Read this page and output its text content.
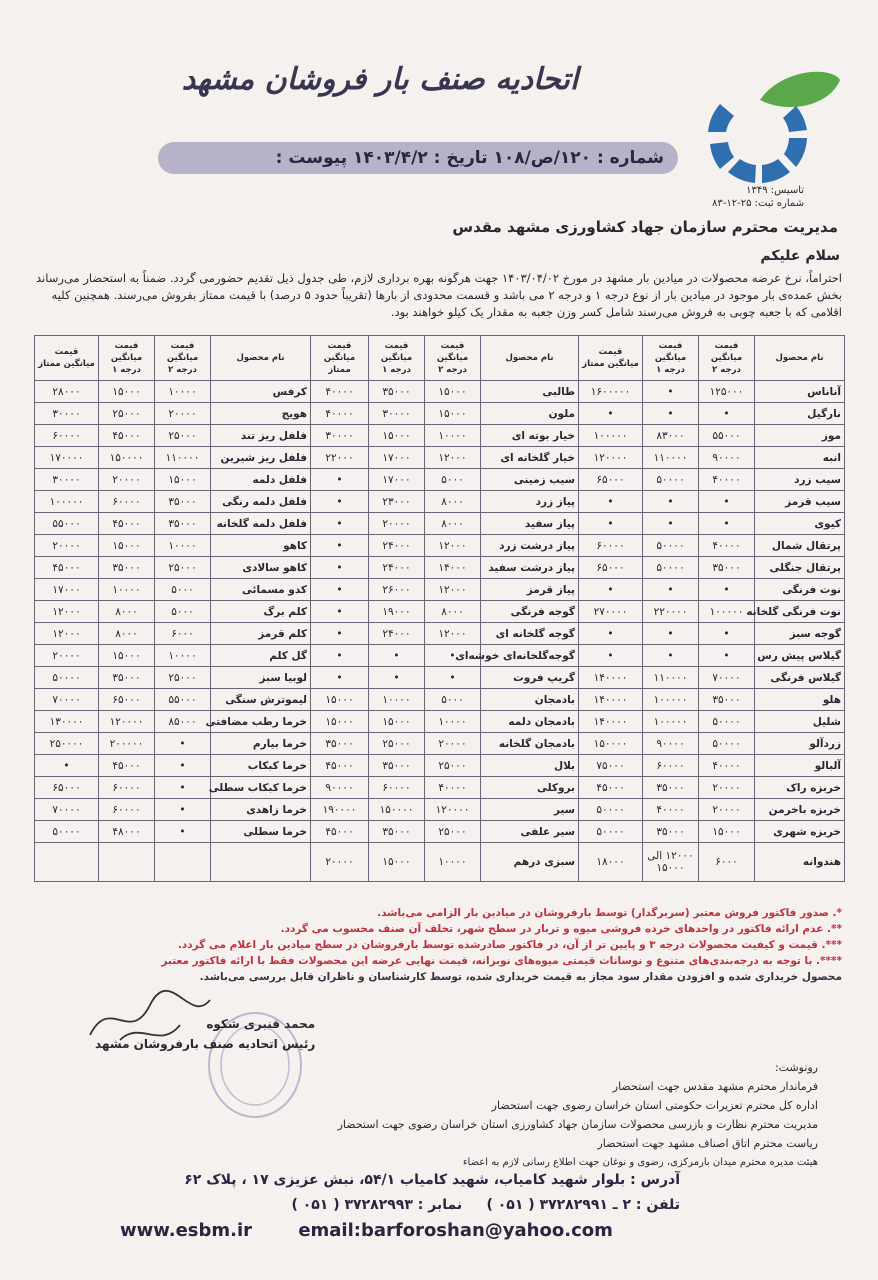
تاسیس: ۱۳۴۹
شماره ثبت: ۲۵-۱۲-۸۳
اتحادیه صنف بار فروشان مشهد
شماره : ۱۲۰/ص/۱۰۸ تاریخ : ۱۴۰۳/۴/۲ پیوست :
مدیریت محترم سازمان جهاد کشاورزی مشهد مقدس
سلام علیکم
احتراماً، نرخ عرضه محصولات در میادین بار مشهد در مورخ ۱۴۰۳/۰۴/۰۲ جهت هرگونه بهره برداری لازم، طی جدول ذیل تقدیم حضورمی گردد. ضمناً به استحضار می‌رساند بخش عمده‌ی بار موجود در میادین بار از نوع درجه ۱ و درجه ۲ می باشد و قسمت محدودی از بارها (تقریباً حدود ۵ درصد) با قیمت ممتاز بفروش می‌رسند. همچنین کلیه اقلامی که با جعبه چوبی به فروش می‌رسند شامل کسر وزن جعبه به مقدار یک کیلو خواهند بود.
نام محصول	قیمت میانگین درجه ۲	قیمت میانگین درجه ۱	قیمت میانگین ممتاز	نام محصول	قیمت میانگین درجه ۲	قیمت میانگین درجه ۱	قیمت میانگین ممتاز	نام محصول	قیمت میانگین درجه ۲	قیمت میانگین درجه ۱	قیمت میانگین ممتاز
آناناس	۱۲۵۰۰۰	•	۱۶۰۰۰۰۰	طالبی	۱۵۰۰۰	۳۵۰۰۰	۴۰۰۰۰	کرفس	۱۰۰۰۰	۱۵۰۰۰	۲۸۰۰۰
نارگیل	•	•	•	ملون	۱۵۰۰۰	۳۰۰۰۰	۴۰۰۰۰	هویج	۲۰۰۰۰	۲۵۰۰۰	۳۰۰۰۰
موز	۵۵۰۰۰	۸۳۰۰۰	۱۰۰۰۰۰	خیار بوته ای	۱۰۰۰۰	۱۵۰۰۰	۳۰۰۰۰	فلفل ریز تند	۲۵۰۰۰	۴۵۰۰۰	۶۰۰۰۰
انبه	۹۰۰۰۰	۱۱۰۰۰۰	۱۲۰۰۰۰	خیار گلخانه ای	۱۲۰۰۰	۱۷۰۰۰	۲۲۰۰۰	فلفل ریز شیرین	۱۱۰۰۰۰	۱۵۰۰۰۰	۱۷۰۰۰۰
سیب زرد	۴۰۰۰۰	۵۰۰۰۰	۶۵۰۰۰	سیب زمینی	۵۰۰۰	۱۷۰۰۰	•	فلفل دلمه	۱۵۰۰۰	۲۰۰۰۰	۳۰۰۰۰
سیب قرمز	•	•	•	پیاز زرد	۸۰۰۰	۲۳۰۰۰	•	فلفل دلمه رنگی	۳۵۰۰۰	۶۰۰۰۰	۱۰۰۰۰۰
کیوی	•	•	•	پیاز سفید	۸۰۰۰	۲۰۰۰۰	•	فلفل دلمه گلخانه	۳۵۰۰۰	۴۵۰۰۰	۵۵۰۰۰
پرتقال شمال	۴۰۰۰۰	۵۰۰۰۰	۶۰۰۰۰	پیاز درشت زرد	۱۲۰۰۰	۲۴۰۰۰	•	کاهو	۱۰۰۰۰	۱۵۰۰۰	۲۰۰۰۰
پرتقال جنگلی	۳۵۰۰۰	۵۰۰۰۰	۶۵۰۰۰	پیاز درشت سفید	۱۴۰۰۰	۲۴۰۰۰	•	کاهو سالادی	۲۵۰۰۰	۳۵۰۰۰	۴۵۰۰۰
نوت فرنگی	•	•	•	پیاز قرمز	۱۲۰۰۰	۲۶۰۰۰	•	کدو مسمائی	۵۰۰۰	۱۰۰۰۰	۱۷۰۰۰
نوت فرنگی گلخانه	۱۰۰۰۰۰	۲۲۰۰۰۰	۲۷۰۰۰۰	گوجه فرنگی	۸۰۰۰	۱۹۰۰۰	•	کلم برگ	۵۰۰۰	۸۰۰۰	۱۲۰۰۰
گوجه سبز	•	•	•	گوجه گلخانه ای	۱۲۰۰۰	۲۴۰۰۰	•	کلم قرمز	۶۰۰۰	۸۰۰۰	۱۲۰۰۰
گیلاس پیش رس	•	•	•	گوجه‌گلخانه‌ای خوشه‌ای	•	•	•	گل کلم	۱۰۰۰۰	۱۵۰۰۰	۲۰۰۰۰
گیلاس فرنگی	۷۰۰۰۰	۱۱۰۰۰۰	۱۴۰۰۰۰	گریپ فروت	•	•	•	لوبیا سبز	۲۵۰۰۰	۳۵۰۰۰	۵۰۰۰۰
هلو	۳۵۰۰۰	۱۰۰۰۰۰	۱۴۰۰۰۰	بادمجان	۵۰۰۰	۱۰۰۰۰	۱۵۰۰۰	لیموترش سنگی	۵۵۰۰۰	۶۵۰۰۰	۷۰۰۰۰
شلیل	۵۰۰۰۰	۱۰۰۰۰۰	۱۴۰۰۰۰	بادمجان دلمه	۱۰۰۰۰	۱۵۰۰۰	۱۵۰۰۰	خرما رطب مضافتی	۸۵۰۰۰	۱۲۰۰۰۰	۱۳۰۰۰۰
زردآلو	۵۰۰۰۰	۹۰۰۰۰	۱۵۰۰۰۰	بادمجان گلخانه	۲۰۰۰۰	۲۵۰۰۰	۳۵۰۰۰	خرما بیارم	•	۲۰۰۰۰۰	۲۵۰۰۰۰
آلبالو	۴۰۰۰۰	۶۰۰۰۰	۷۵۰۰۰	بلال	۲۵۰۰۰	۳۵۰۰۰	۴۵۰۰۰	خرما کبکاب	•	۴۵۰۰۰	•
خربزه راک	۲۰۰۰۰	۳۵۰۰۰	۴۵۰۰۰	بروکلی	۴۰۰۰۰	۶۰۰۰۰	۹۰۰۰۰	خرما کبکاب سطلی	•	۶۰۰۰۰	۶۵۰۰۰
خربزه باخرمن	۲۰۰۰۰	۴۰۰۰۰	۵۰۰۰۰	سیر	۱۲۰۰۰۰	۱۵۰۰۰۰	۱۹۰۰۰۰	خرما زاهدی	•	۶۰۰۰۰	۷۰۰۰۰
خربزه شهری	۱۵۰۰۰	۳۵۰۰۰	۵۰۰۰۰	سیر علفی	۲۵۰۰۰	۳۵۰۰۰	۴۵۰۰۰	خرما سطلی	•	۴۸۰۰۰	۵۰۰۰۰
هندوانه	۶۰۰۰	۱۲۰۰۰ الی ۱۵۰۰۰	۱۸۰۰۰	سبزی درهم	۱۰۰۰۰	۱۵۰۰۰	۲۰۰۰۰				
*. صدور فاکتور فروش معتبر (سربرگدار) توسط بارفروشان در میادین بار الزامی می‌باشد.
**. عدم ارائه فاکتور در واحدهای خرده فروشی میوه و تربار در سطح شهر، تخلف آن صنف محسوب می گردد.
***. قیمت و کیفیت محصولات درجه ۳ و پایین تر از آن، در فاکتور صادرشده توسط بارفروشان در سطح میادین بار اعلام می گردد.
****. با توجه به درجه‌بندی‌های متنوع و نوسانات قیمتی میوه‌های نوبرانه، قیمت نهایی عرضه این محصولات فقط با ارائه فاکتور معتبر
محصول خریداری شده و افزودن مقدار سود مجاز به قیمت خریداری شده، توسط کارشناسان و ناظران قابل بررسی می‌باشد.
محمد قنبری شکوه
رئیس اتحادیه صنف بارفروشان مشهد
رونوشت:
فرماندار محترم مشهد مقدس جهت استحضار
اداره کل محترم تعزیرات حکومتی استان خراسان رضوی جهت استحضار
مدیریت محترم نظارت و بازرسی محصولات سازمان جهاد کشاورزی استان خراسان رضوی جهت استحضار
ریاست محترم اتاق اصناف مشهد جهت استحضار
هیئت مدیره محترم میدان بارمرکزی، رضوی و نوغان جهت اطلاع رسانی لازم به اعضاء
آدرس : بلوار شهید کامیاب، شهید کامیاب ۵۴/۱، نبش عزیزی ۱۷ ، پلاک ۶۲
تلفن : ۲ ـ ۳۷۲۸۲۹۹۱ ( ۰۵۱ )     نمابر : ۳۷۲۸۲۹۹۳ ( ۰۵۱ )
www.esbm.ir	email:barforoshan@yahoo.com
